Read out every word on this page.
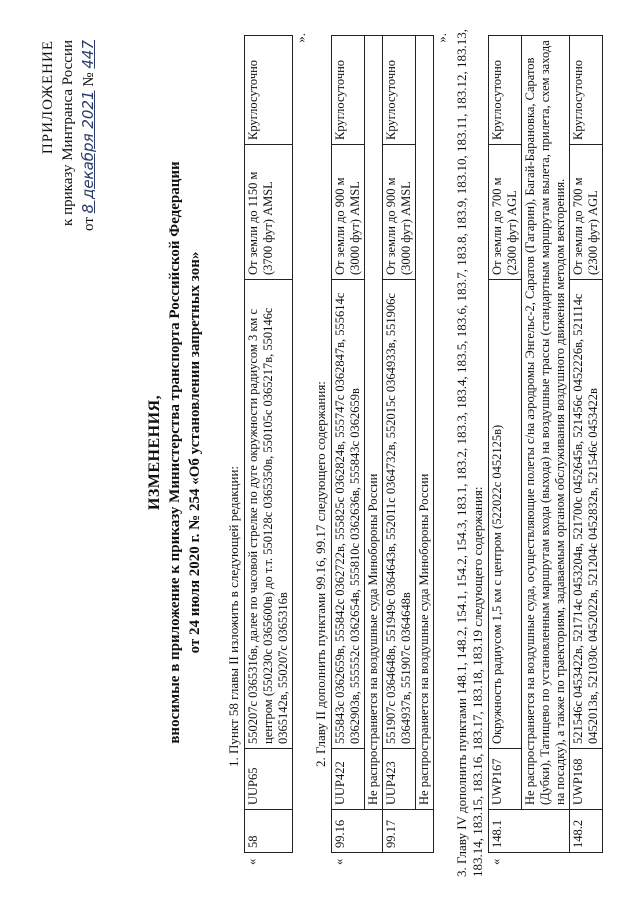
ПРИЛОЖЕНИЕ к приказу Минтранса России от 8 декабря 2021 № 447
ИЗМЕНЕНИЯ, вносимые в приложение к приказу Министерства транспорта Российской Федерации от 24 июля 2020 г. № 254 «Об установлении запретных зон» 1. Пункт 58 главы II изложить в следующей редакции:
«	58	UUP65	550207с 0365316в, далее по часовой стрелке по дуге окружности радиусом 3 км с центром (550230с 0365600в) до т.т. 550128с 0365350в, 550105с 0365217в, 550146с 0365142в, 550207с 0365316в	От земли до 1150 м (3700 фут) AMSL	Круглосуточно
».
2. Главу II дополнить пунктами 99.16, 99.17 следующего содержания:
«	99.16	UUP422	555843с 0362659в, 555842с 0362722в, 555825с 0362824в, 555747с 0362847в, 555614с 0362903в, 555552с 0362654в, 555810с 0362636в, 555843с 0362659в	От земли до 900 м (3000 фут) AMSL	Круглосуточно
		Не распространяется на воздушные суда Минобороны России			
	99.17	UUP423	551907с 0364648в, 551949с 0364643в, 552011с 0364732в, 552015с 0364933в, 551906с 0364937в, 551907с 0364648в	От земли до 900 м (3000 фут) AMSL	Круглосуточно
		Не распространяется на воздушные суда Минобороны России			
». 3. Главу IV дополнить пунктами 148.1, 148.2, 154.1, 154.2, 154.3, 183.1, 183.2, 183.3, 183.4, 183.5, 183.6, 183.7, 183.8, 183.9, 183.10, 183.11, 183.12, 183.13, 183.14, 183.15, 183.16, 183.17, 183.18, 183.19 следующего содержания: «	148.1	UWP167	Окружность радиусом 1,5 км с центром (522022с 0452125в)	От земли до 700 м (2300 фут) AGL	Круглосуточно
		Не распространяется на воздушные суда, осуществляющие полеты с/на аэродромы Энгельс-2, Саратов (Гагарин), Багай-Барановка, Саратов (Дубки), Татищево по установленным маршрутам входа (выхода) на воздушные трассы (стандартным маршрутам вылета, прилета, схем захода на посадку), а также по траекториям, задаваемым органом обслуживания воздушного движения методом векторения.			
	148.2	UWP168	521546с 0453422в, 521714с 0453204в, 521700с 0452645в, 521456с 0452226в, 521114с 0452013в, 521030с 0452022в, 521204с 0452832в, 521546с 0453422в	От земли до 700 м (2300 фут) AGL	Круглосуточно
